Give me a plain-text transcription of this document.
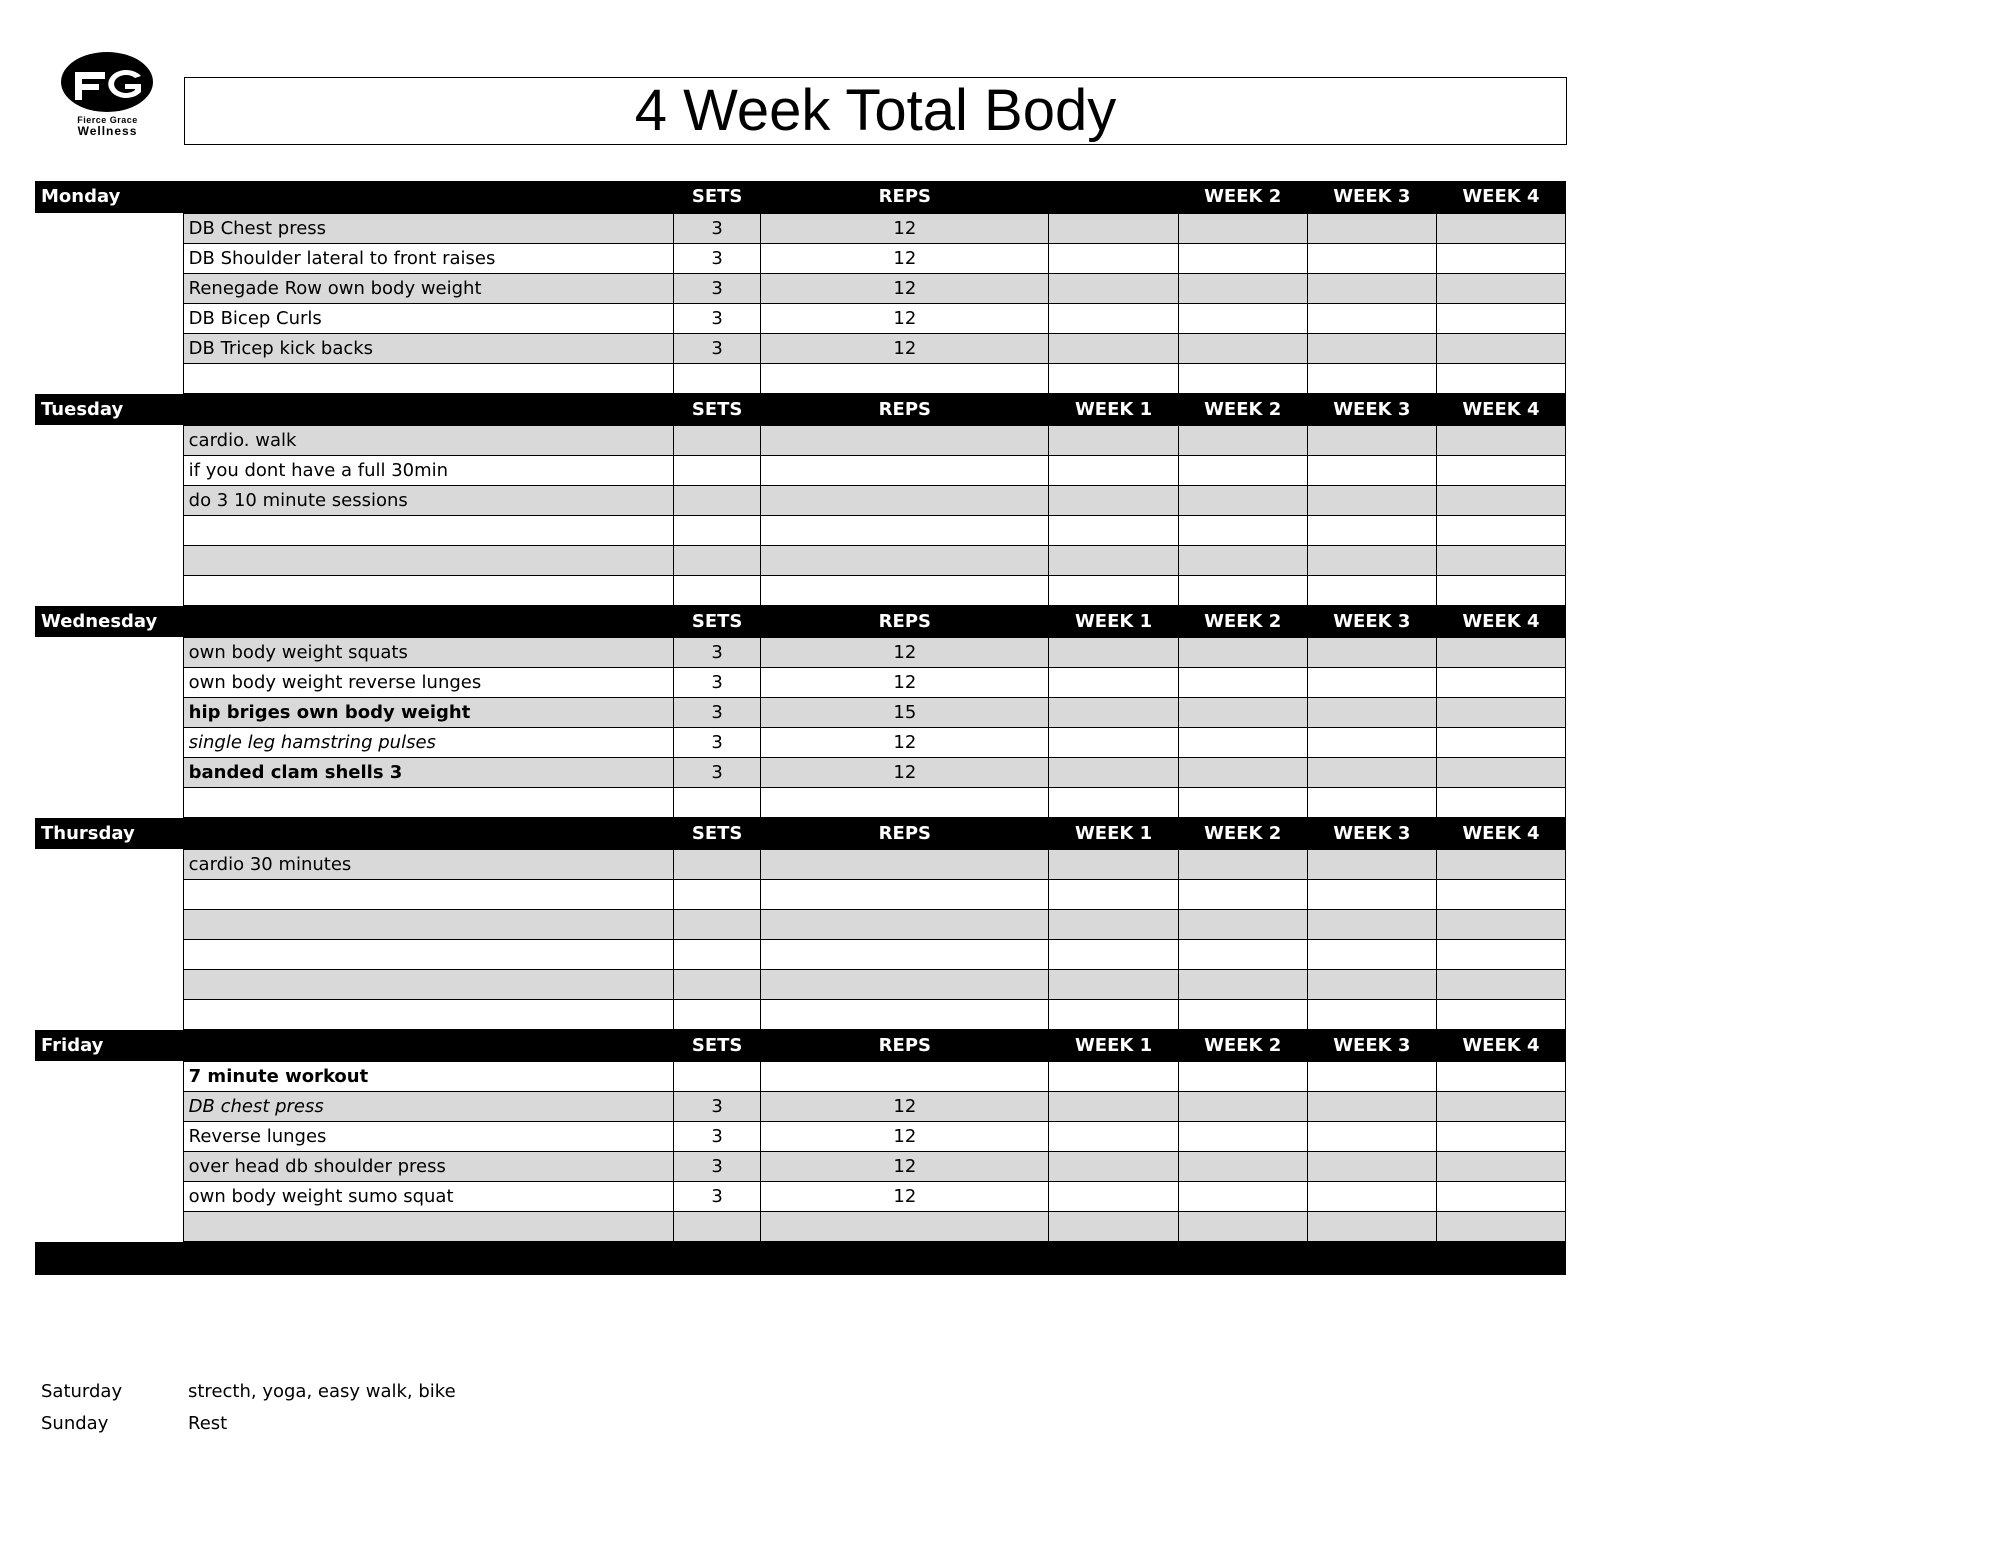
Fierce Grace
Wellness	4 Week Total Body
Monday		SETS	REPS		WEEK 2	WEEK 3	WEEK 4
	DB Chest press	3	12				
	DB Shoulder lateral to front raises	3	12				
	Renegade Row own body weight	3	12				
	DB Bicep Curls	3	12				
	DB Tricep kick backs	3	12				

Tuesday		SETS	REPS	WEEK 1	WEEK 2	WEEK 3	WEEK 4
	cardio. walk						
	if you dont have a full 30min						
	do 3 10 minute sessions						

Wednesday		SETS	REPS	WEEK 1	WEEK 2	WEEK 3	WEEK 4
	own body weight squats	3	12				
	own body weight reverse lunges	3	12				
	hip briges own body weight	3	15				
	single leg hamstring pulses	3	12				
	banded clam shells 3	3	12				

Thursday		SETS	REPS	WEEK 1	WEEK 2	WEEK 3	WEEK 4
	cardio 30 minutes						

Friday		SETS	REPS	WEEK 1	WEEK 2	WEEK 3	WEEK 4
	7 minute workout						
	DB chest press	3	12				
	Reverse lunges	3	12				
	over head db shoulder press	3	12				
	own body weight sumo squat	3	12				

Saturday	strecth, yoga, easy walk, bike
Sunday	Rest
